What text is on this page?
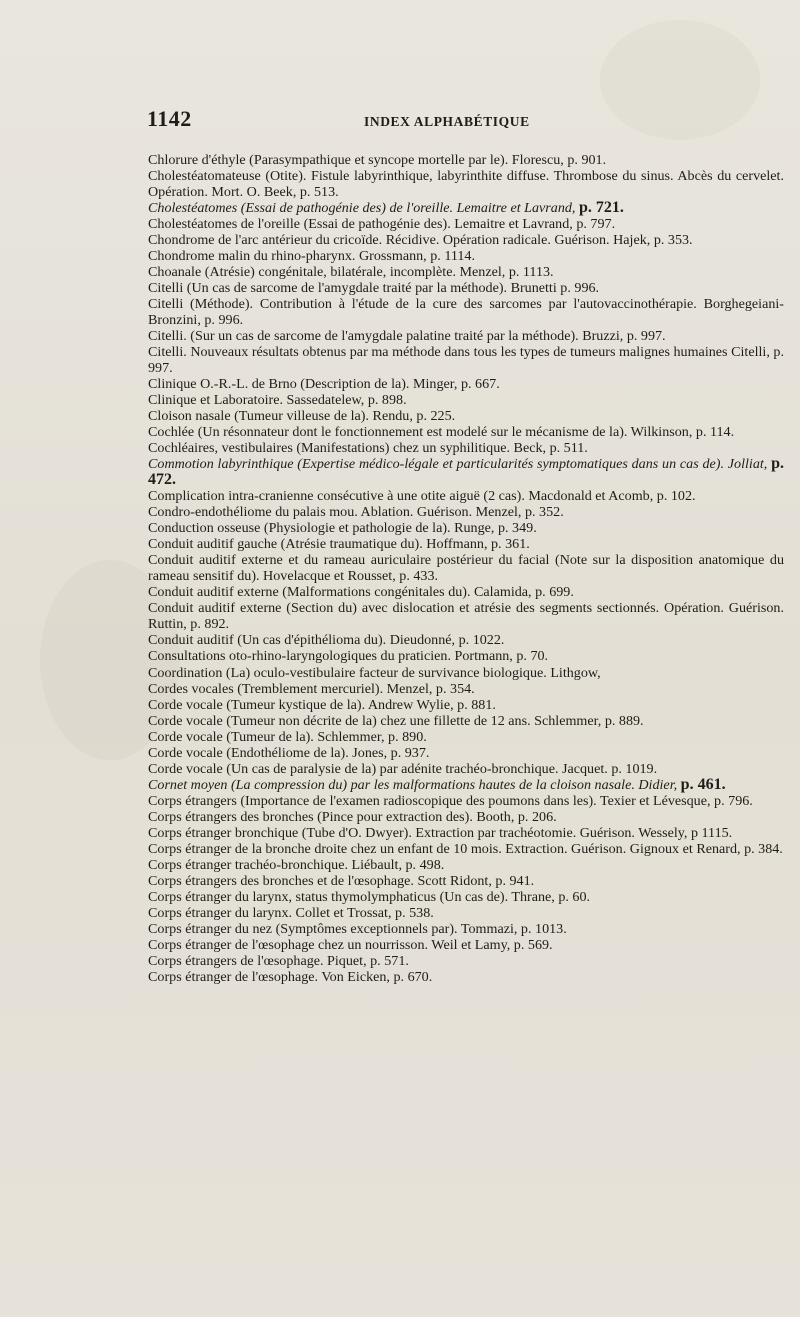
1142	INDEX ALPHABÉTIQUE
Chlorure d'éthyle (Parasympathique et syncope mortelle par le). Florescu, p. 901.
Cholestéatomateuse (Otite). Fistule labyrinthique, labyrinthite diffuse. Thrombose du sinus. Abcès du cervelet. Opération. Mort. O. Beek, p. 513.
Cholestéatomes (Essai de pathogénie des) de l'oreille. Lemaitre et Lavrand, p. 721.
Cholestéatomes de l'oreille (Essai de pathogénie des). Lemaitre et Lavrand, p. 797.
Chondrome de l'arc antérieur du cricoïde. Récidive. Opération radicale. Guérison. Hajek, p. 353.
Chondrome malin du rhino-pharynx. Grossmann, p. 1114.
Choanale (Atrésie) congénitale, bilatérale, incomplète. Menzel, p. 1113.
Citelli (Un cas de sarcome de l'amygdale traité par la méthode). Brunetti p. 996.
Citelli (Méthode). Contribution à l'étude de la cure des sarcomes par l'autovaccinothérapie. Borghegeiani-Bronzini, p. 996.
Citelli. (Sur un cas de sarcome de l'amygdale palatine traité par la méthode). Bruzzi, p. 997.
Citelli. Nouveaux résultats obtenus par ma méthode dans tous les types de tumeurs malignes humaines Citelli, p. 997.
Clinique O.-R.-L. de Brno (Description de la). Minger, p. 667.
Clinique et Laboratoire. Sassedatelew, p. 898.
Cloison nasale (Tumeur villeuse de la). Rendu, p. 225.
Cochlée (Un résonnateur dont le fonctionnement est modelé sur le mécanisme de la). Wilkinson, p. 114.
Cochléaires, vestibulaires (Manifestations) chez un syphilitique. Beck, p. 511.
Commotion labyrinthique (Expertise médico-légale et particularités symptomatiques dans un cas de). Jolliat, p. 472.
Complication intra-cranienne consécutive à une otite aiguë (2 cas). Macdonald et Acomb, p. 102.
Condro-endothéliome du palais mou. Ablation. Guérison. Menzel, p. 352.
Conduction osseuse (Physiologie et pathologie de la). Runge, p. 349.
Conduit auditif gauche (Atrésie traumatique du). Hoffmann, p. 361.
Conduit auditif externe et du rameau auriculaire postérieur du facial (Note sur la disposition anatomique du rameau sensitif du). Hovelacque et Rousset, p. 433.
Conduit auditif externe (Malformations congénitales du). Calamida, p. 699.
Conduit auditif externe (Section du) avec dislocation et atrésie des segments sectionnés. Opération. Guérison. Ruttin, p. 892.
Conduit auditif (Un cas d'épithélioma du). Dieudonné, p. 1022.
Consultations oto-rhino-laryngologiques du praticien. Portmann, p. 70.
Coordination (La) oculo-vestibulaire facteur de survivance biologique. Lithgow,
Cordes vocales (Tremblement mercuriel). Menzel, p. 354.
Corde vocale (Tumeur kystique de la). Andrew Wylie, p. 881.
Corde vocale (Tumeur non décrite de la) chez une fillette de 12 ans. Schlemmer, p. 889.
Corde vocale (Tumeur de la). Schlemmer, p. 890.
Corde vocale (Endothéliome de la). Jones, p. 937.
Corde vocale (Un cas de paralysie de la) par adénite trachéo-bronchique. Jacquet. p. 1019.
Cornet moyen (La compression du) par les malformations hautes de la cloison nasale. Didier, p. 461.
Corps étrangers (Importance de l'examen radioscopique des poumons dans les). Texier et Lévesque, p. 796.
Corps étrangers des bronches (Pince pour extraction des). Booth, p. 206.
Corps étranger bronchique (Tube d'O. Dwyer). Extraction par trachéotomie. Guérison. Wessely, p 1115.
Corps étranger de la bronche droite chez un enfant de 10 mois. Extraction. Guérison. Gignoux et Renard, p. 384.
Corps étranger trachéo-bronchique. Liébault, p. 498.
Corps étrangers des bronches et de l'œsophage. Scott Ridont, p. 941.
Corps étranger du larynx, status thymolymphaticus (Un cas de). Thrane, p. 60.
Corps étranger du larynx. Collet et Trossat, p. 538.
Corps étranger du nez (Symptômes exceptionnels par). Tommazi, p. 1013.
Corps étranger de l'œsophage chez un nourrisson. Weil et Lamy, p. 569.
Corps étrangers de l'œsophage. Piquet, p. 571.
Corps étranger de l'œsophage. Von Eicken, p. 670.
